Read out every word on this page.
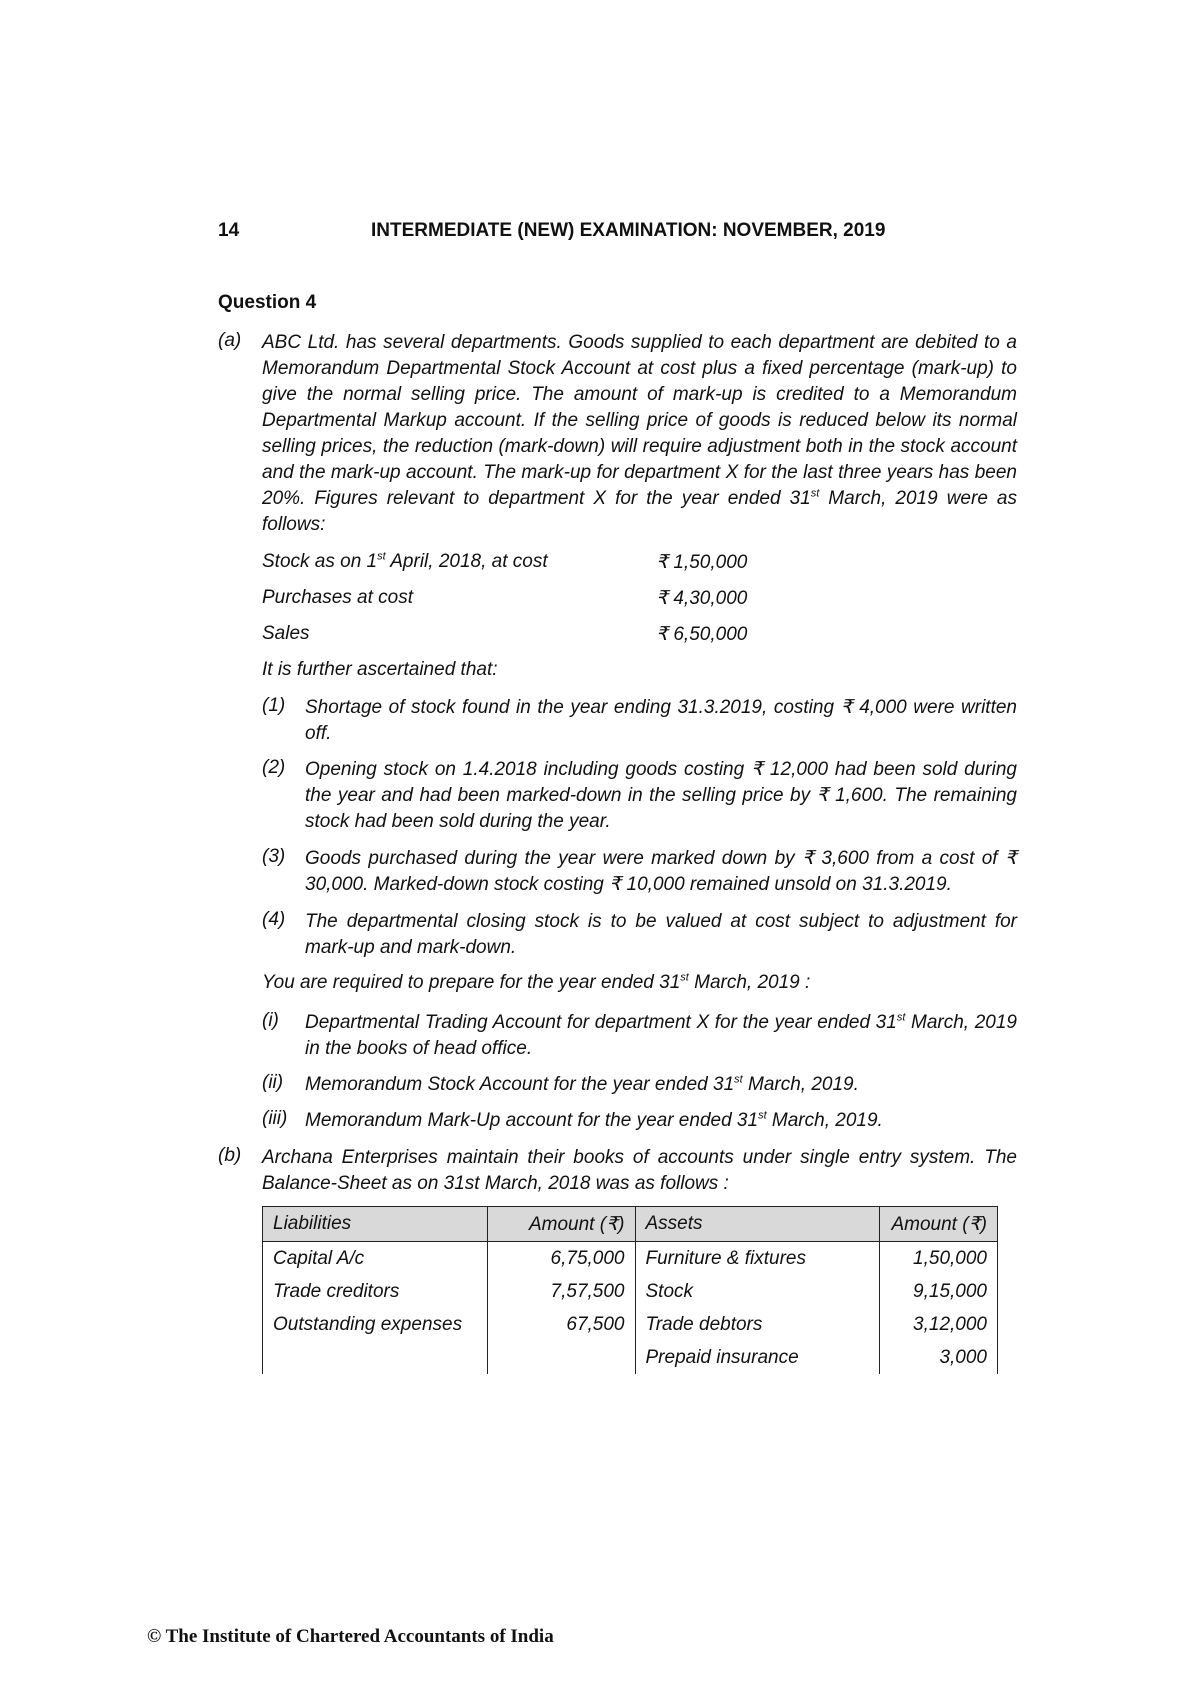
14	INTERMEDIATE (NEW) EXAMINATION: NOVEMBER, 2019
Question 4
(a) ABC Ltd. has several departments. Goods supplied to each department are debited to a Memorandum Departmental Stock Account at cost plus a fixed percentage (mark-up) to give the normal selling price. The amount of mark-up is credited to a Memorandum Departmental Markup account. If the selling price of goods is reduced below its normal selling prices, the reduction (mark-down) will require adjustment both in the stock account and the mark-up account. The mark-up for department X for the last three years has been 20%. Figures relevant to department X for the year ended 31st March, 2019 were as follows:
Stock as on 1st April, 2018, at cost	₹ 1,50,000
Purchases at cost	₹ 4,30,000
Sales	₹ 6,50,000
It is further ascertained that:
(1) Shortage of stock found in the year ending 31.3.2019, costing ₹ 4,000 were written off.
(2) Opening stock on 1.4.2018 including goods costing ₹ 12,000 had been sold during the year and had been marked-down in the selling price by ₹ 1,600. The remaining stock had been sold during the year.
(3) Goods purchased during the year were marked down by ₹ 3,600 from a cost of ₹ 30,000. Marked-down stock costing ₹ 10,000 remained unsold on 31.3.2019.
(4) The departmental closing stock is to be valued at cost subject to adjustment for mark-up and mark-down.
You are required to prepare for the year ended 31st March, 2019 :
(i) Departmental Trading Account for department X for the year ended 31st March, 2019 in the books of head office.
(ii) Memorandum Stock Account for the year ended 31st March, 2019.
(iii) Memorandum Mark-Up account for the year ended 31st March, 2019.
(b) Archana Enterprises maintain their books of accounts under single entry system. The Balance-Sheet as on 31st March, 2018 was as follows :
Liabilities	Amount (₹)	Assets	Amount (₹)
Capital A/c	6,75,000	Furniture & fixtures	1,50,000
Trade creditors	7,57,500	Stock	9,15,000
Outstanding expenses	67,500	Trade debtors	3,12,000
		Prepaid insurance	3,000
© The Institute of Chartered Accountants of India
